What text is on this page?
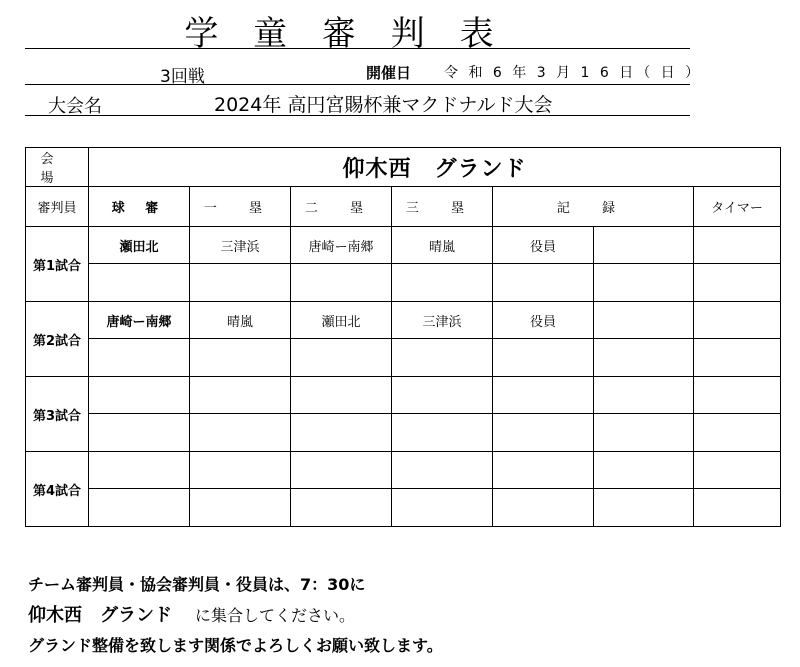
学 童 審 判 表
3回戦	開催日 令 和 6 年 3 月 1 6 日（ 日 ）
大会名	2024年 高円宮賜杯兼マクドナルド大会
会 場	仰木西　グランド						
審判員	球 審	一 塁	二 塁	三 塁	記 録		タイマー
第1試合	瀬田北	三津浜	唐崎ー南郷	晴嵐	役員		

第2試合	唐崎ー南郷	晴嵐	瀬田北	三津浜	役員		

第3試合							

第4試合							

チーム審判員・協会審判員・役員は、7：30に
仰木西　グランド に集合してください。
グランド整備を致します関係でよろしくお願い致します。
